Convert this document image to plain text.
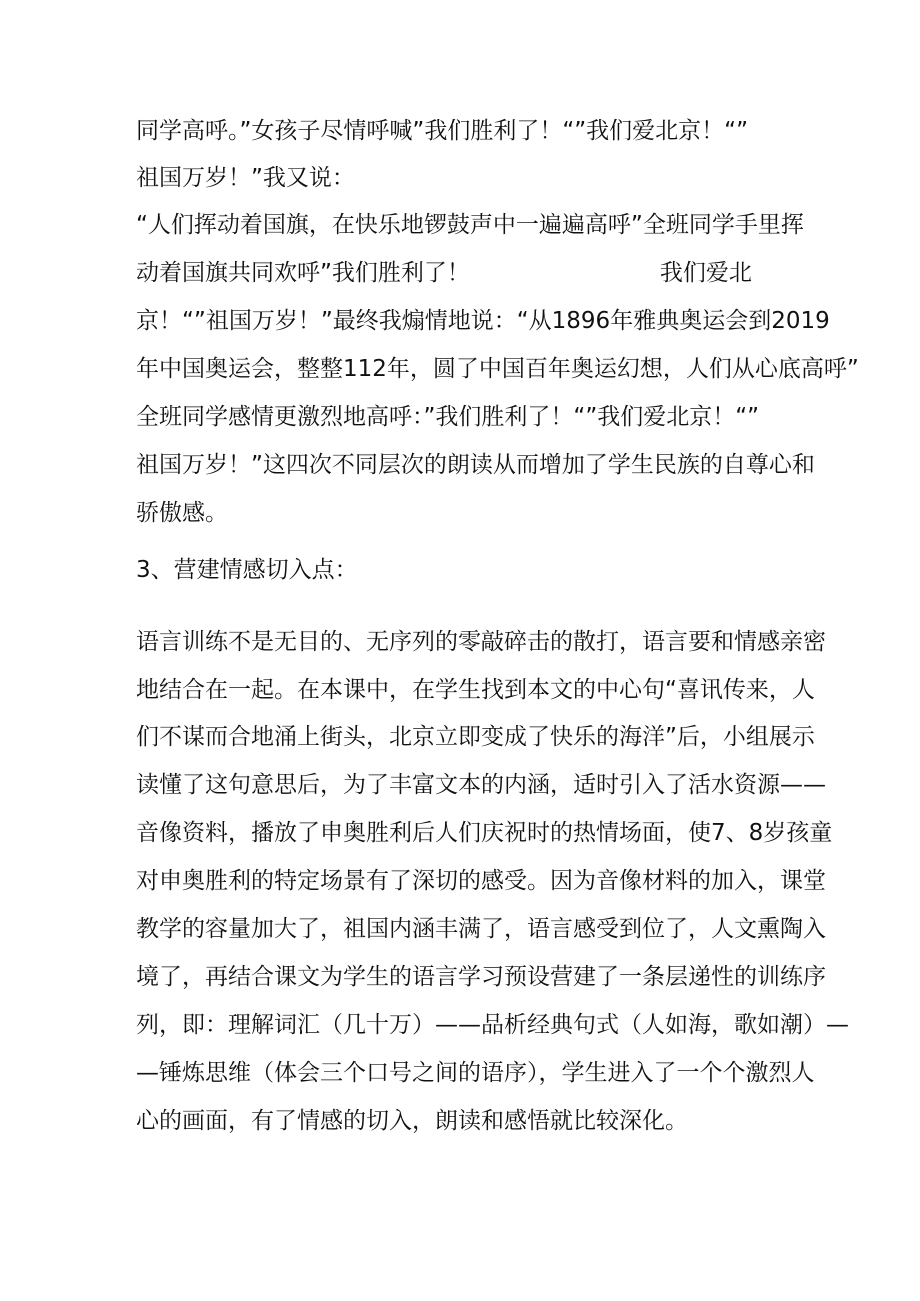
同学高呼。”女孩子尽情呼喊”我们胜利了！“”我们爱北京！“”
祖国万岁！”我又说：
“人们挥动着国旗，在快乐地锣鼓声中一遍遍高呼”全班同学手里挥
动着国旗共同欢呼”我们胜利了！	我们爱北
京！“”祖国万岁！”最终我煽情地说：“从1896年雅典奥运会到2019
年中国奥运会，整整112年，圆了中国百年奥运幻想，人们从心底高呼”
全班同学感情更激烈地高呼：”我们胜利了！“”我们爱北京！“”
祖国万岁！”这四次不同层次的朗读从而增加了学生民族的自尊心和
骄傲感。
3、营建情感切入点：
语言训练不是无目的、无序列的零敲碎击的散打，语言要和情感亲密
地结合在一起。在本课中，在学生找到本文的中心句“喜讯传来，人
们不谋而合地涌上街头，北京立即变成了快乐的海洋”后，小组展示
读懂了这句意思后，为了丰富文本的内涵，适时引入了活水资源——
音像资料，播放了申奥胜利后人们庆祝时的热情场面，使7、8岁孩童
对申奥胜利的特定场景有了深切的感受。因为音像材料的加入，课堂
教学的容量加大了，祖国内涵丰满了，语言感受到位了，人文熏陶入
境了，再结合课文为学生的语言学习预设营建了一条层递性的训练序
列，即：理解词汇（几十万）——品析经典句式（人如海，歌如潮）—
—锤炼思维（体会三个口号之间的语序），学生进入了一个个激烈人
心的画面，有了情感的切入，朗读和感悟就比较深化。
